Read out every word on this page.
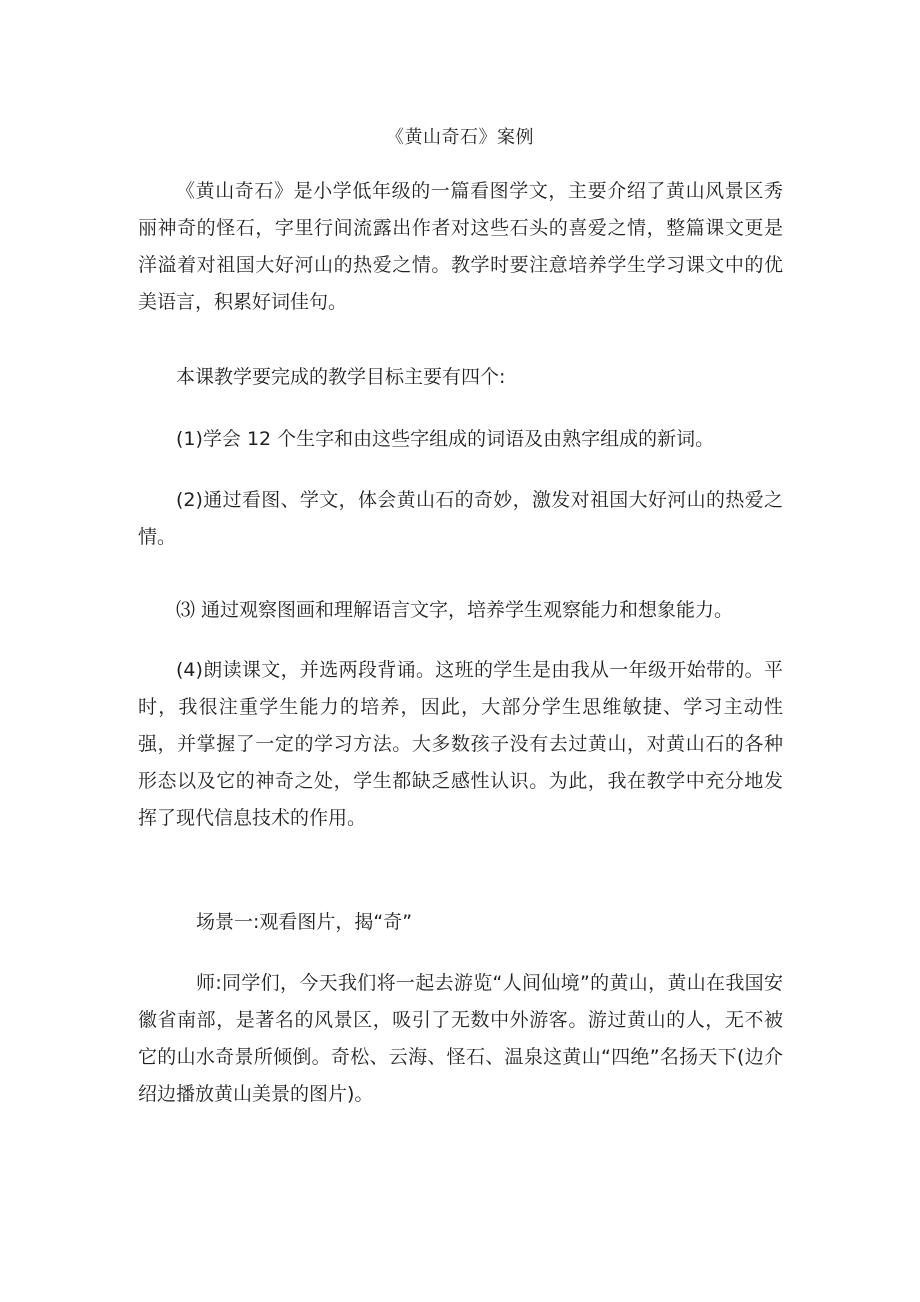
《黄山奇石》案例
《黄山奇石》是小学低年级的一篇看图学文，主要介绍了黄山风景区秀丽神奇的怪石，字里行间流露出作者对这些石头的喜爱之情，整篇课文更是洋溢着对祖国大好河山的热爱之情。教学时要注意培养学生学习课文中的优美语言，积累好词佳句。
本课教学要完成的教学目标主要有四个:
(1)学会 12 个生字和由这些字组成的词语及由熟字组成的新词。
(2)通过看图、学文，体会黄山石的奇妙，激发对祖国大好河山的热爱之情。
⑶ 通过观察图画和理解语言文字，培养学生观察能力和想象能力。
(4)朗读课文，并选两段背诵。这班的学生是由我从一年级开始带的。平时，我很注重学生能力的培养，因此，大部分学生思维敏捷、学习主动性强，并掌握了一定的学习方法。大多数孩子没有去过黄山，对黄山石的各种形态以及它的神奇之处，学生都缺乏感性认识。为此，我在教学中充分地发挥了现代信息技术的作用。
场景一:观看图片，揭“奇”
师:同学们，今天我们将一起去游览“人间仙境”的黄山，黄山在我国安徽省南部，是著名的风景区，吸引了无数中外游客。游过黄山的人，无不被它的山水奇景所倾倒。奇松、云海、怪石、温泉这黄山“四绝”名扬天下(边介绍边播放黄山美景的图片)。
